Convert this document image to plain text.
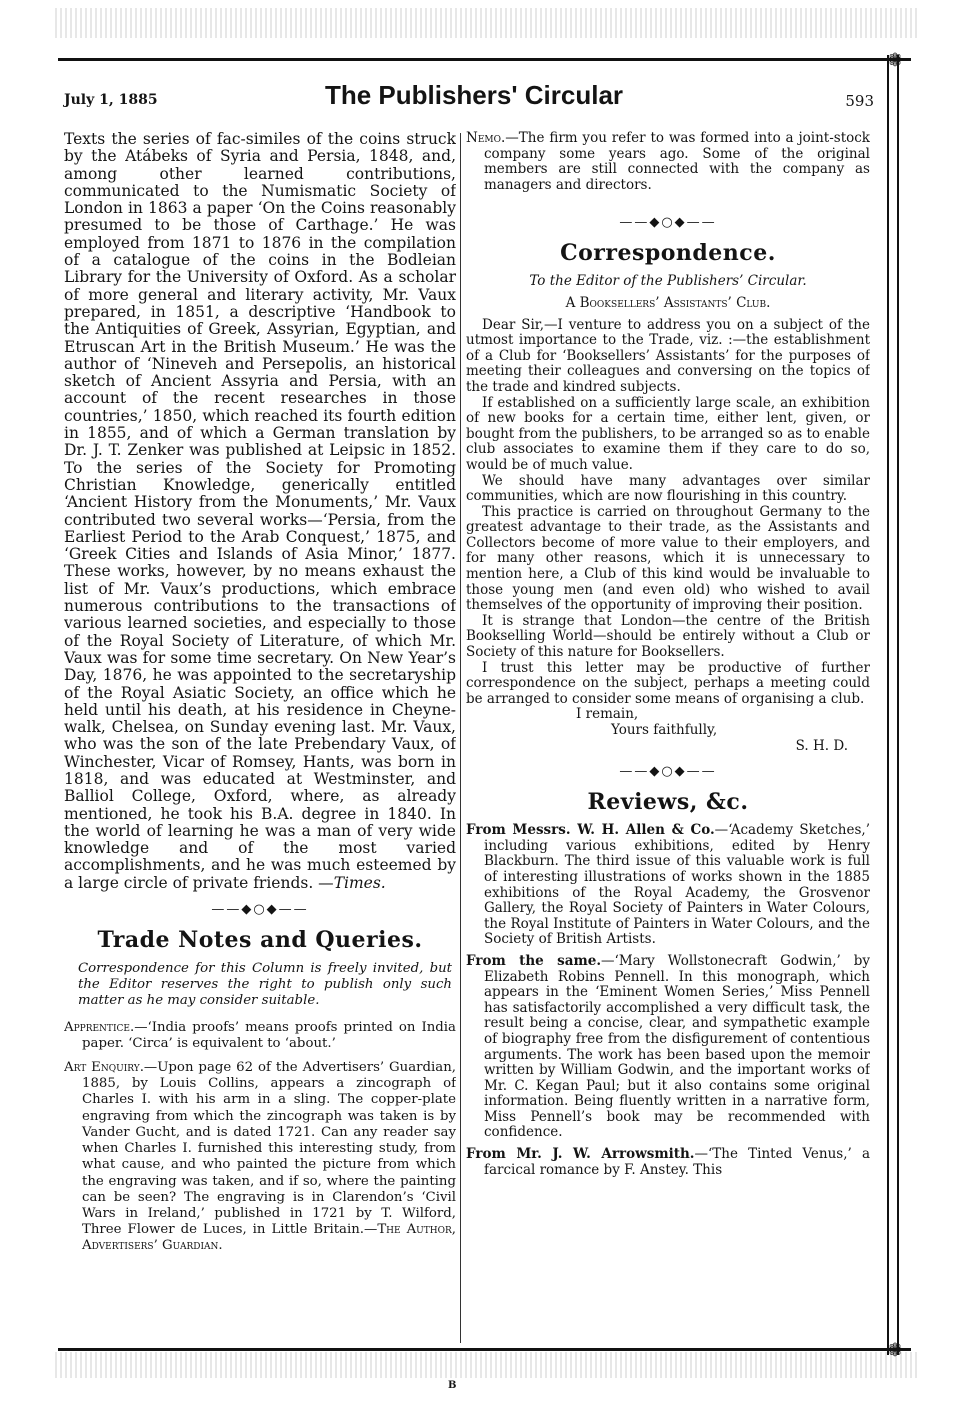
❁
❁
July 1, 1885	The Publishers' Circular	593

Texts the series of fac-similes of the coins struck by the Atábeks of Syria and Persia, 1848, and, among other learned contributions, communicated to the Numismatic Society of London in 1863 a paper ‘On the Coins reasonably presumed to be those of Carthage.’ He was employed from 1871 to 1876 in the compilation of a catalogue of the coins in the Bodleian Library for the University of Oxford. As a scholar of more general and literary activity, Mr. Vaux prepared, in 1851, a descriptive ‘Handbook to the Antiquities of Greek, Assyrian, Egyptian, and Etruscan Art in the British Museum.’ He was the author of ‘Nineveh and Persepolis, an historical sketch of Ancient Assyria and Persia, with an account of the recent researches in those countries,’ 1850, which reached its fourth edition in 1855, and of which a German translation by Dr. J. T. Zenker was published at Leipsic in 1852. To the series of the Society for Promoting Christian Knowledge, generically entitled ‘Ancient History from the Monuments,’ Mr. Vaux contributed two several works—‘Persia, from the Earliest Period to the Arab Conquest,’ 1875, and ‘Greek Cities and Islands of Asia Minor,’ 1877. These works, however, by no means exhaust the list of Mr. Vaux’s productions, which embrace numerous contributions to the transactions of various learned societies, and especially to those of the Royal Society of Literature, of which Mr. Vaux was for some time secretary. On New Year’s Day, 1876, he was appointed to the secretaryship of the Royal Asiatic Society, an office which he held until his death, at his residence in Cheyne-walk, Chelsea, on Sunday evening last. Mr. Vaux, who was the son of the late Prebendary Vaux, of Winchester, Vicar of Romsey, Hants, was born in 1818, and was educated at Westminster, and Balliol College, Oxford, where, as already mentioned, he took his B.A. degree in 1840. In the world of learning he was a man of very wide knowledge and of the most varied accomplishments, and he was much esteemed by a large circle of private friends. —Times.

——◆○◆——
Trade Notes and Queries.

Correspondence for this Column is freely invited, but the Editor reserves the right to publish only such matter as he may consider suitable.

Apprentice.—‘India proofs’ means proofs printed on India paper. ‘Circa’ is equivalent to ‘about.’

Art Enquiry.—Upon page 62 of the Advertisers’ Guardian, 1885, by Louis Collins, appears a zincograph of Charles I. with his arm in a sling. The copper-plate engraving from which the zincograph was taken is by Vander Gucht, and is dated 1721. Can any reader say when Charles I. furnished this interesting study, from what cause, and who painted the picture from which the engraving was taken, and if so, where the painting can be seen? The engraving is in Clarendon’s ‘Civil Wars in Ireland,’ published in 1721 by T. Wilford, Three Flower de Luces, in Little Britain.—The Author, Advertisers’ Guardian.

Nemo.—The firm you refer to was formed into a joint-stock company some years ago. Some of the original members are still connected with the company as managers and directors.

——◆○◆——
Correspondence.

To the Editor of the Publishers’ Circular.

A Booksellers’ Assistants’ Club.

Dear Sir,—I venture to address you on a subject of the utmost importance to the Trade, viz. :—the establishment of a Club for ‘Booksellers’ Assistants’ for the purposes of meeting their colleagues and conversing on the topics of the trade and kindred subjects.

If established on a sufficiently large scale, an exhibition of new books for a certain time, either lent, given, or bought from the publishers, to be arranged so as to enable club associates to examine them if they care to do so, would be of much value.

We should have many advantages over similar communities, which are now flourishing in this country.

This practice is carried on throughout Germany to the greatest advantage to their trade, as the Assistants and Collectors become of more value to their employers, and for many other reasons, which it is unnecessary to mention here, a Club of this kind would be invaluable to those young men (and even old) who wished to avail themselves of the opportunity of improving their position.

It is strange that London—the centre of the British Bookselling World—should be entirely without a Club or Society of this nature for Booksellers.

I trust this letter may be productive of further correspondence on the subject, perhaps a meeting could be arranged to consider some means of organising a club.

I remain,

Yours faithfully,

S. H. D.

——◆○◆——
Reviews, &c.

From Messrs. W. H. Allen & Co.—‘Academy Sketches,’ including various exhibitions, edited by Henry Blackburn. The third issue of this valuable work is full of interesting illustrations of works shown in the 1885 exhibitions of the Royal Academy, the Grosvenor Gallery, the Royal Society of Painters in Water Colours, the Royal Institute of Painters in Water Colours, and the Society of British Artists.

From the same.—‘Mary Wollstonecraft Godwin,’ by Elizabeth Robins Pennell. In this monograph, which appears in the ‘Eminent Women Series,’ Miss Pennell has satisfactorily accomplished a very difficult task, the result being a concise, clear, and sympathetic example of biography free from the disfigurement of contentious arguments. The work has been based upon the memoir written by William Godwin, and the important works of Mr. C. Kegan Paul; but it also contains some original information. Being fluently written in a narrative form, Miss Pennell’s book may be recommended with confidence.

From Mr. J. W. Arrowsmith.—‘The Tinted Venus,’ a farcical romance by F. Anstey. This

B
